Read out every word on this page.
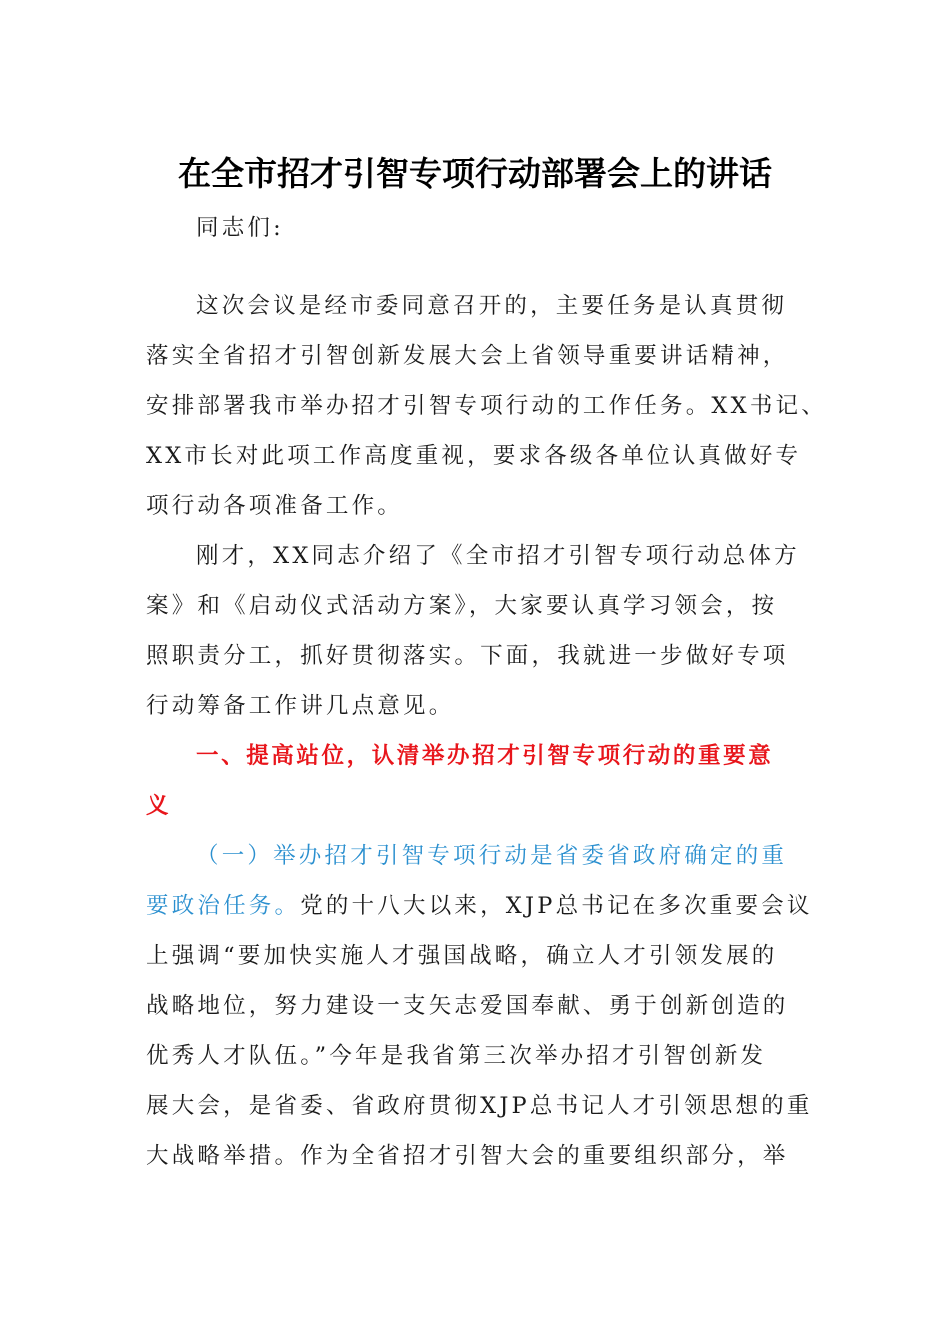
在全市招才引智专项行动部署会上的讲话
同志们:
这次会议是经市委同意召开的，主要任务是认真贯彻
落实全省招才引智创新发展大会上省领导重要讲话精神，
安排部署我市举办招才引智专项行动的工作任务。XX书记、
XX市长对此项工作高度重视，要求各级各单位认真做好专
项行动各项准备工作。
刚才，XX同志介绍了《全市招才引智专项行动总体方
案》和《启动仪式活动方案》，大家要认真学习领会，按
照职责分工，抓好贯彻落实。下面，我就进一步做好专项
行动筹备工作讲几点意见。
一、提高站位，认清举办招才引智专项行动的重要意
义
（一）举办招才引智专项行动是省委省政府确定的重
要政治任务。党的十八大以来，XJP总书记在多次重要会议
上强调“要加快实施人才强国战略，确立人才引领发展的
战略地位，努力建设一支矢志爱国奉献、勇于创新创造的
优秀人才队伍。”今年是我省第三次举办招才引智创新发
展大会，是省委、省政府贯彻XJP总书记人才引领思想的重
大战略举措。作为全省招才引智大会的重要组织部分，举
